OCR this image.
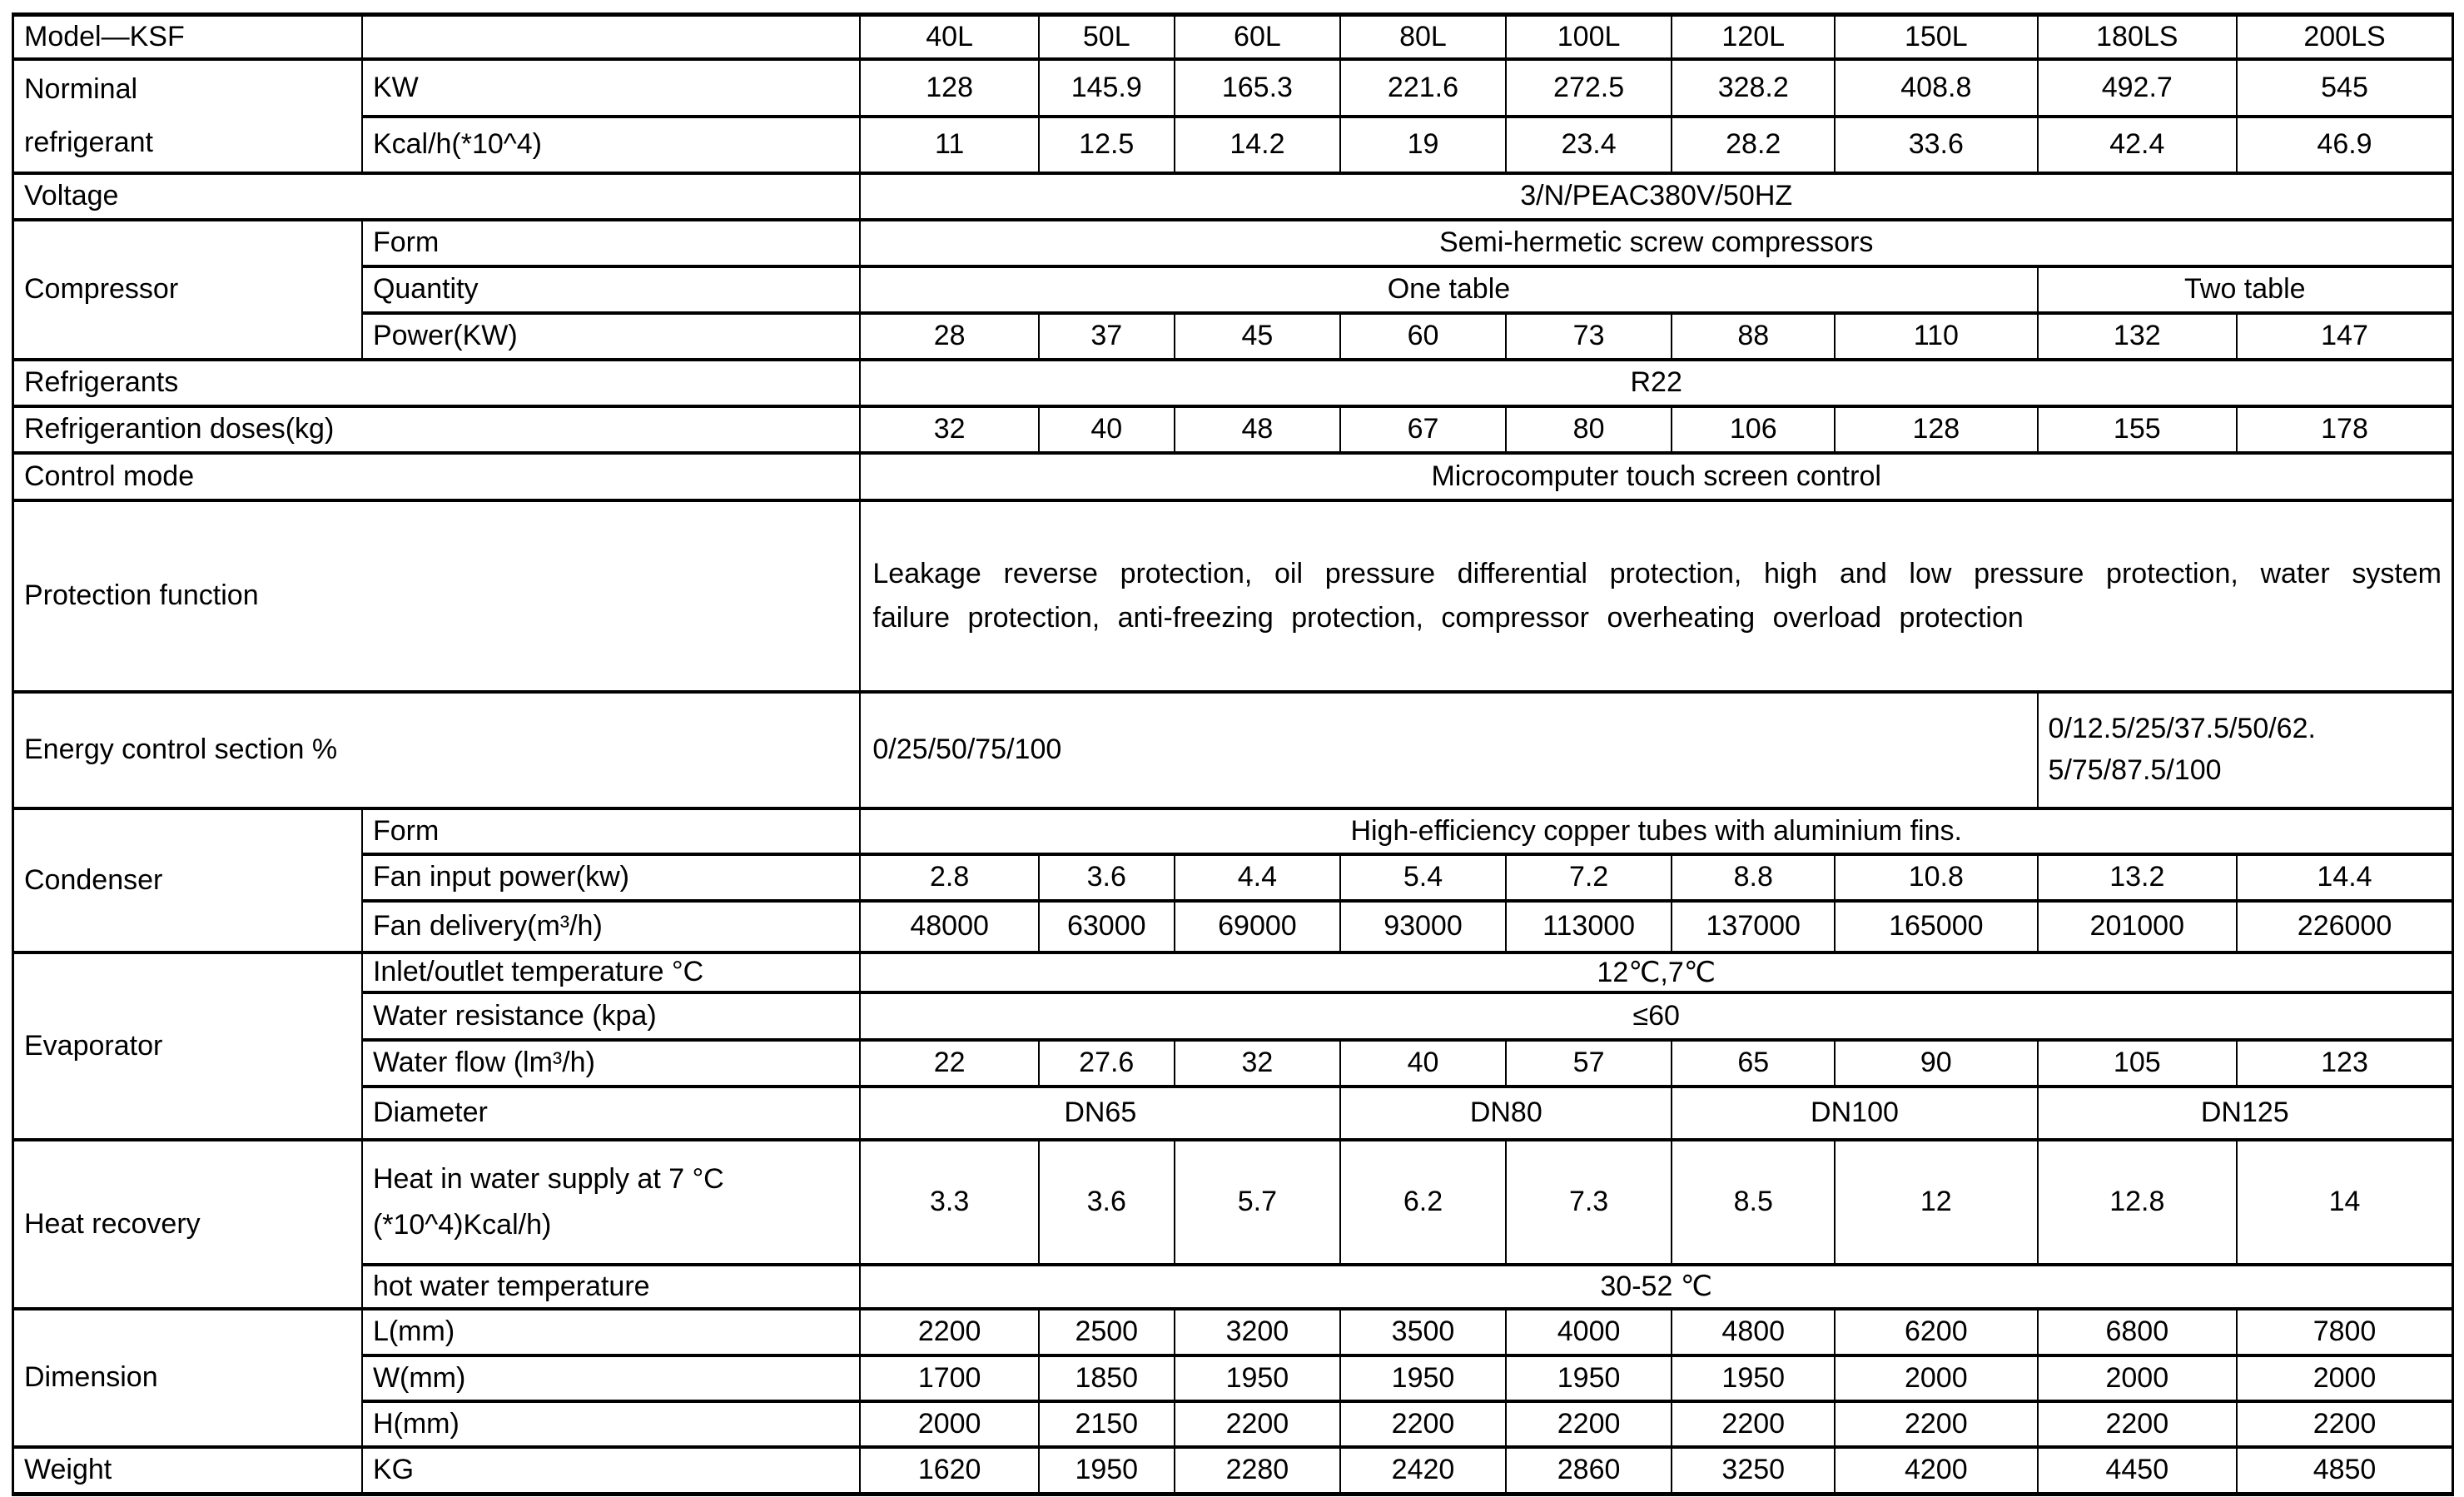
Model—KSF		40L	50L	60L	80L	100L	120L	150L	180LS	200LS
Norminal refrigerant	KW	128	145.9	165.3	221.6	272.5	328.2	408.8	492.7	545
	Kcal/h(*10^4)	11	12.5	14.2	19	23.4	28.2	33.6	42.4	46.9
Voltage		3/N/PEAC380V/50HZ								
Compressor	Form	Semi-hermetic screw compressors								
	Quantity	One table							Two table	
	Power(KW)	28	37	45	60	73	88	110	132	147
Refrigerants		R22								
Refrigerantion doses(kg)		32	40	48	67	80	106	128	155	178
Control mode		Microcomputer touch screen control								
Protection function		Leakage reverse protection, oil pressure differential protection, high and low pressure protection, water system failure protection, anti-freezing protection, compressor overheating overload protection								
Energy control section %		0/25/50/75/100							0/12.5/25/37.5/50/62.5/75/87.5/100	
Condenser	Form	High-efficiency copper tubes with aluminium fins.								
	Fan input power(kw)	2.8	3.6	4.4	5.4	7.2	8.8	10.8	13.2	14.4
	Fan delivery(m³/h)	48000	63000	69000	93000	113000	137000	165000	201000	226000
Evaporator	Inlet/outlet temperature °C	12℃,7℃								
	Water resistance (kpa)	≤60								
	Water flow (lm³/h)	22	27.6	32	40	57	65	90	105	123
	Diameter	DN65			DN80		DN100		DN125	
Heat recovery	Heat in water supply at 7 °C (*10^4)Kcal/h)	3.3	3.6	5.7	6.2	7.3	8.5	12	12.8	14
	hot water temperature	30-52 ℃								
Dimension	L(mm)	2200	2500	3200	3500	4000	4800	6200	6800	7800
	W(mm)	1700	1850	1950	1950	1950	1950	2000	2000	2000
	H(mm)	2000	2150	2200	2200	2200	2200	2200	2200	2200
Weight	KG	1620	1950	2280	2420	2860	3250	4200	4450	4850
